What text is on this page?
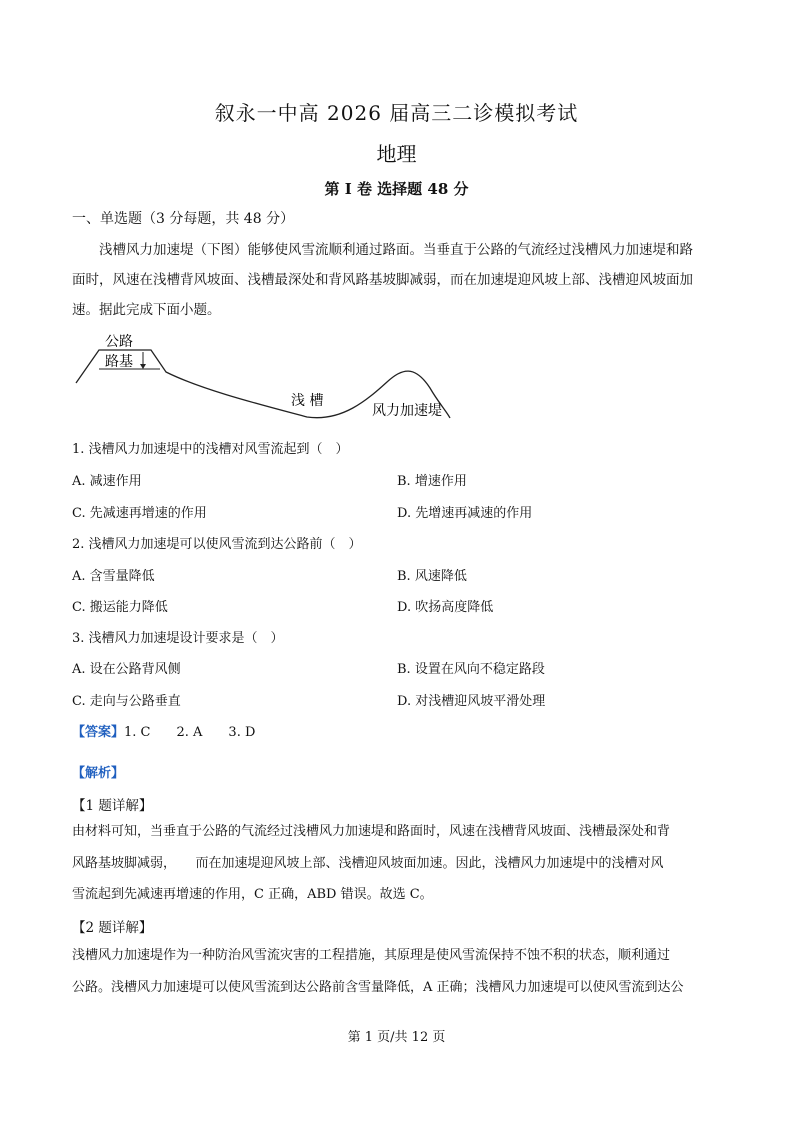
叙永一中高 2026 届高三二诊模拟考试
地理
第 I 卷 选择题 48 分
一、单选题（3 分每题，共 48 分）
浅槽风力加速堤（下图）能够使风雪流顺利通过路面。当垂直于公路的气流经过浅槽风力加速堤和路
面时，风速在浅槽背风坡面、浅槽最深处和背风路基坡脚减弱，而在加速堤迎风坡上部、浅槽迎风坡面加
速。据此完成下面小题。
公路
路基
浅 槽
风力加速堤
1. 浅槽风力加速堤中的浅槽对风雪流起到（　）
A. 减速作用	B. 增速作用
C. 先减速再增速的作用	D. 先增速再减速的作用
2. 浅槽风力加速堤可以使风雪流到达公路前（　）
A. 含雪量降低	B. 风速降低
C. 搬运能力降低	D. 吹扬高度降低
3. 浅槽风力加速堤设计要求是（　）
A. 设在公路背风侧	B. 设置在风向不稳定路段
C. 走向与公路垂直	D. 对浅槽迎风坡平滑处理
【答案】1. C　　2. A　　3. D
【解析】
【1 题详解】
由材料可知，当垂直于公路的气流经过浅槽风力加速堤和路面时，风速在浅槽背风坡面、浅槽最深处和背
风路基坡脚减弱，　　而在加速堤迎风坡上部、浅槽迎风坡面加速。因此，浅槽风力加速堤中的浅槽对风
雪流起到先减速再增速的作用，C 正确，ABD 错误。故选 C。
【2 题详解】
浅槽风力加速堤作为一种防治风雪流灾害的工程措施，其原理是使风雪流保持不蚀不积的状态，顺利通过
公路。浅槽风力加速堤可以使风雪流到达公路前含雪量降低，A 正确；浅槽风力加速堤可以使风雪流到达公
第 1 页/共 12 页
